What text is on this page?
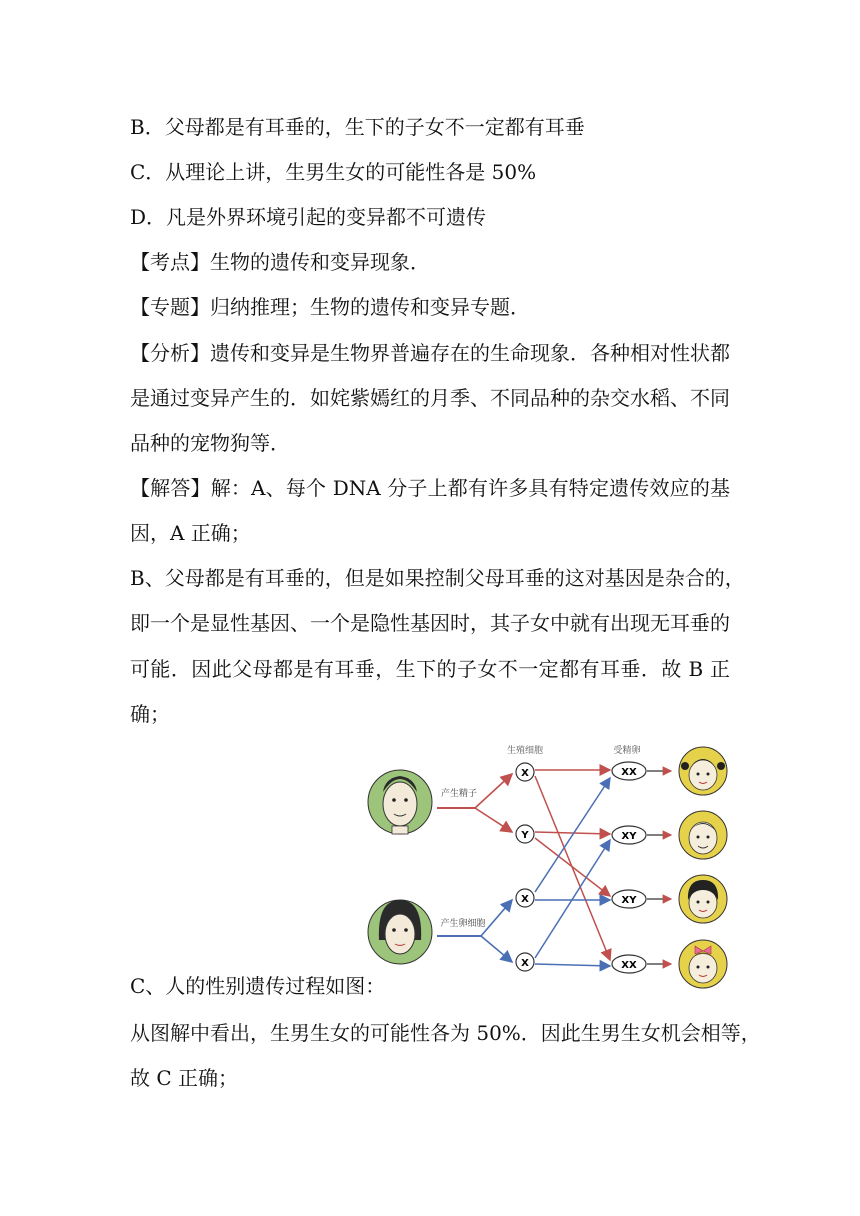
B．父母都是有耳垂的，生下的子女不一定都有耳垂
C．从理论上讲，生男生女的可能性各是 50%
D．凡是外界环境引起的变异都不可遗传
【考点】生物的遗传和变异现象．
【专题】归纳推理；生物的遗传和变异专题．
【分析】遗传和变异是生物界普遍存在的生命现象．各种相对性状都
是通过变异产生的．如姹紫嫣红的月季、不同品种的杂交水稻、不同
品种的宠物狗等．
【解答】解：A、每个 DNA 分子上都有许多具有特定遗传效应的基
因，A 正确；
B、父母都是有耳垂的，但是如果控制父母耳垂的这对基因是杂合的，
即一个是显性基因、一个是隐性基因时，其子女中就有出现无耳垂的
可能．因此父母都是有耳垂，生下的子女不一定都有耳垂．故 B 正
确；
生殖细胞	受精卵
产生精子
产生卵细胞
X
Y
X
X
XX
XY
XY
XX
C、人的性别遗传过程如图：
从图解中看出，生男生女的可能性各为 50%．因此生男生女机会相等，
故 C 正确；
